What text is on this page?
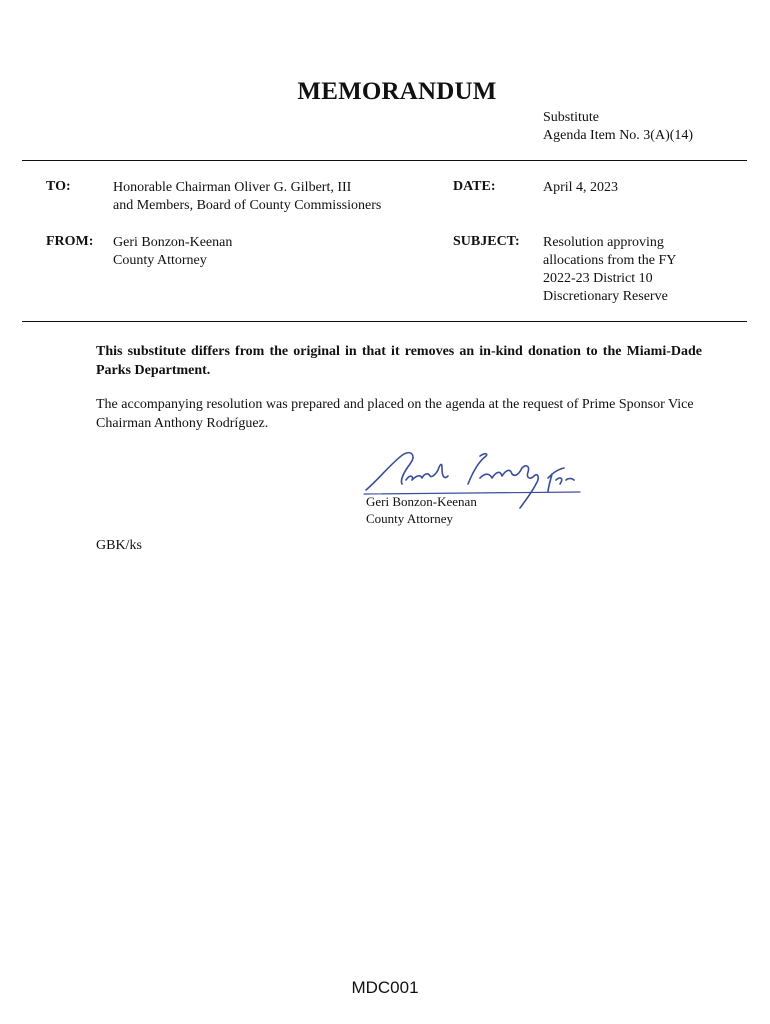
MEMORANDUM
Substitute
Agenda Item No. 3(A)(14)
TO:	Honorable Chairman Oliver G. Gilbert, III
and Members, Board of County Commissioners
DATE:	April 4, 2023
FROM: Geri Bonzon-Keenan
County Attorney
SUBJECT: Resolution approving
allocations from the FY
2022-23 District 10
Discretionary Reserve
This substitute differs from the original in that it removes an in-kind donation to the Miami-Dade Parks Department.
The accompanying resolution was prepared and placed on the agenda at the request of Prime Sponsor Vice Chairman Anthony Rodríguez.
Geri Bonzon-Keenan
County Attorney
GBK/ks
MDC001
